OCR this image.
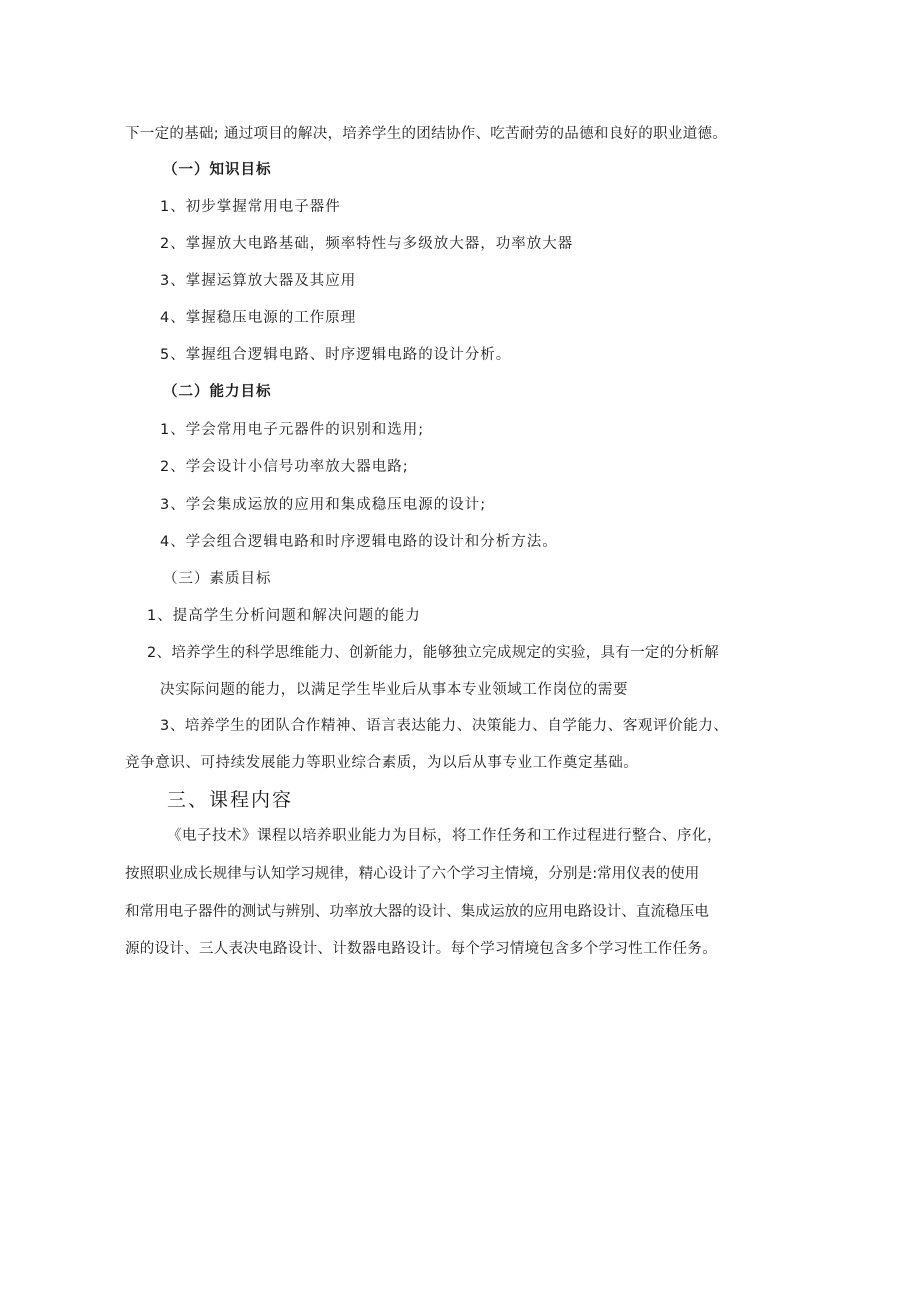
下一定的基础; 通过项目的解决，培养学生的团结协作、吃苦耐劳的品德和良好的职业道德。
（一）知识目标
1、初步掌握常用电子器件
2、掌握放大电路基础，频率特性与多级放大器，功率放大器
3、掌握运算放大器及其应用
4、掌握稳压电源的工作原理
5、掌握组合逻辑电路、时序逻辑电路的设计分析。
（二）能力目标
1、学会常用电子元器件的识别和选用;
2、学会设计小信号功率放大器电路;
3、学会集成运放的应用和集成稳压电源的设计;
4、学会组合逻辑电路和时序逻辑电路的设计和分析方法。
（三）素质目标
1、提高学生分析问题和解决问题的能力
2、培养学生的科学思维能力、创新能力，能够独立完成规定的实验，具有一定的分析解
决实际问题的能力，以满足学生毕业后从事本专业领域工作岗位的需要
3、培养学生的团队合作精神、语言表达能力、决策能力、自学能力、客观评价能力、
竞争意识、可持续发展能力等职业综合素质，为以后从事专业工作奠定基础。
三、课程内容
《电子技术》课程以培养职业能力为目标，将工作任务和工作过程进行整合、序化，
按照职业成长规律与认知学习规律，精心设计了六个学习主情境，分别是:常用仪表的使用
和常用电子器件的测试与辨别、功率放大器的设计、集成运放的应用电路设计、直流稳压电
源的设计、三人表决电路设计、计数器电路设计。每个学习情境包含多个学习性工作任务。
